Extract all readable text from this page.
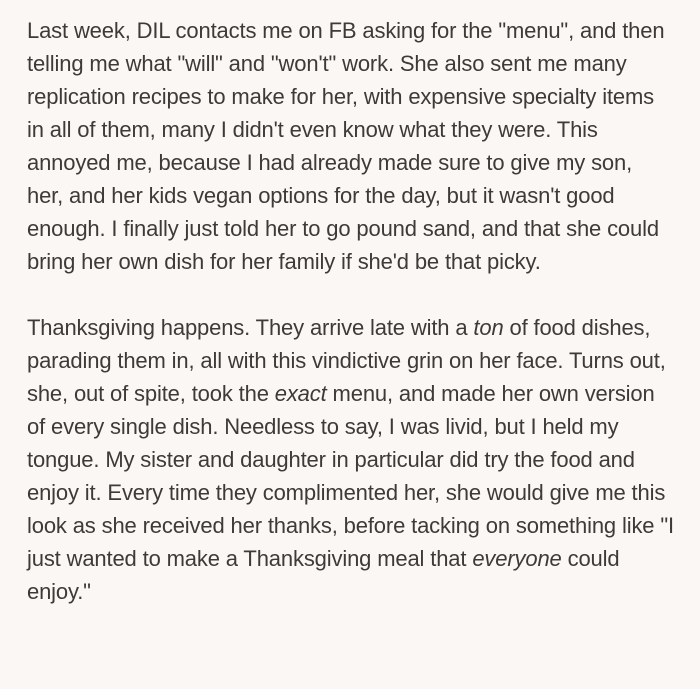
Last week, DIL contacts me on FB asking for the "menu", and then telling me what "will" and "won't" work. She also sent me many replication recipes to make for her, with expensive specialty items in all of them, many I didn't even know what they were. This annoyed me, because I had already made sure to give my son, her, and her kids vegan options for the day, but it wasn't good enough. I finally just told her to go pound sand, and that she could bring her own dish for her family if she'd be that picky.

Thanksgiving happens. They arrive late with a ton of food dishes, parading them in, all with this vindictive grin on her face. Turns out, she, out of spite, took the exact menu, and made her own version of every single dish. Needless to say, I was livid, but I held my tongue. My sister and daughter in particular did try the food and enjoy it. Every time they complimented her, she would give me this look as she received her thanks, before tacking on something like "I just wanted to make a Thanksgiving meal that everyone could enjoy."
